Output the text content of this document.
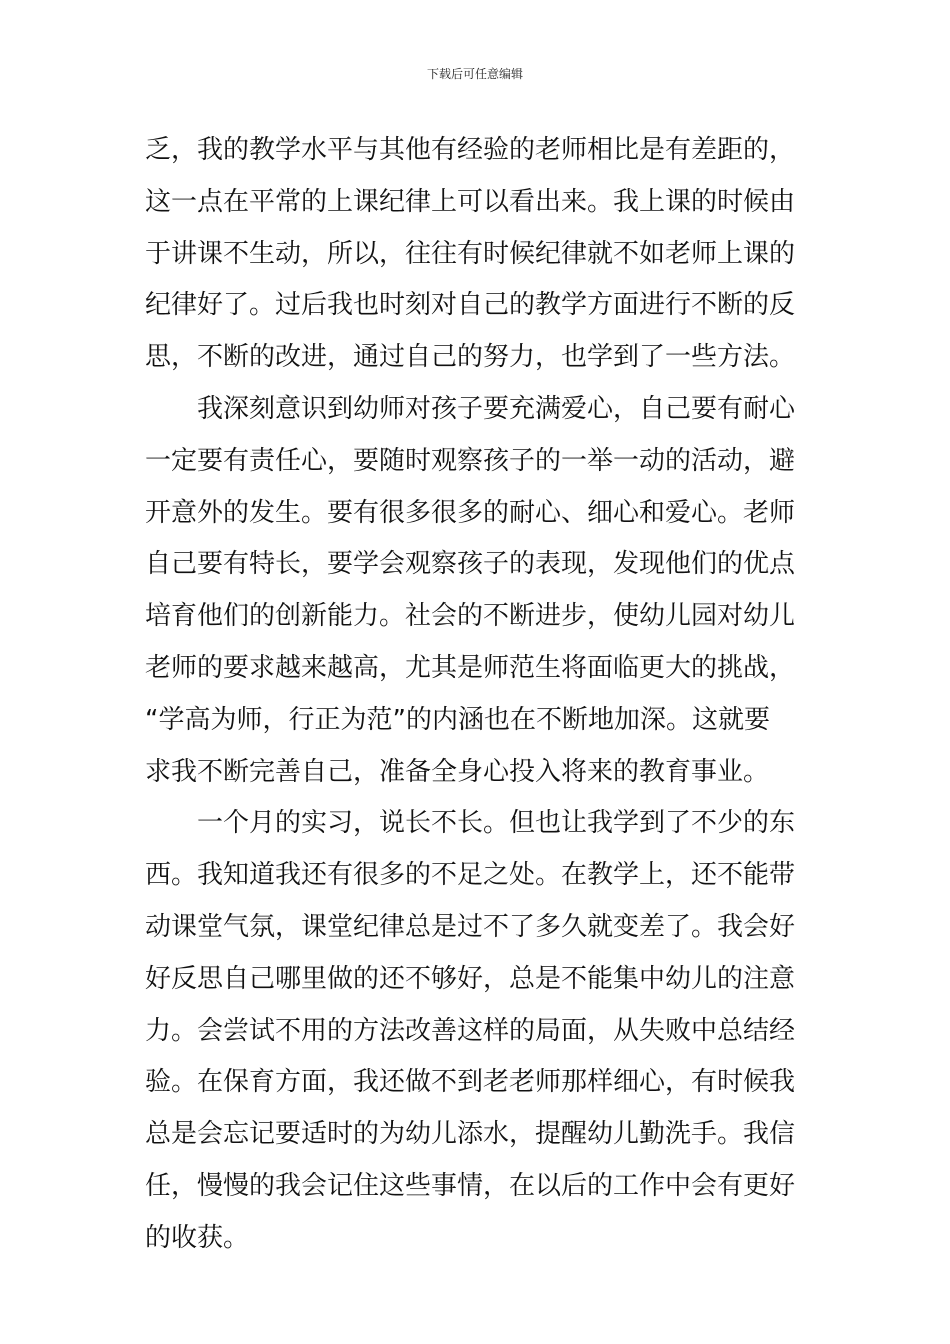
下载后可任意编辑
乏，我的教学水平与其他有经验的老师相比是有差距的，
这一点在平常的上课纪律上可以看出来。我上课的时候由
于讲课不生动，所以，往往有时候纪律就不如老师上课的
纪律好了。过后我也时刻对自己的教学方面进行不断的反
思，不断的改进，通过自己的努力，也学到了一些方法。
我深刻意识到幼师对孩子要充满爱心，自己要有耐心
一定要有责任心，要随时观察孩子的一举一动的活动，避
开意外的发生。要有很多很多的耐心、细心和爱心。老师
自己要有特长，要学会观察孩子的表现，发现他们的优点
培育他们的创新能力。社会的不断进步，使幼儿园对幼儿
老师的要求越来越高，尤其是师范生将面临更大的挑战，
“学高为师，行正为范”的内涵也在不断地加深。这就要
求我不断完善自己，准备全身心投入将来的教育事业。
一个月的实习，说长不长。但也让我学到了不少的东
西。我知道我还有很多的不足之处。在教学上，还不能带
动课堂气氛，课堂纪律总是过不了多久就变差了。我会好
好反思自己哪里做的还不够好，总是不能集中幼儿的注意
力。会尝试不用的方法改善这样的局面，从失败中总结经
验。在保育方面，我还做不到老老师那样细心，有时候我
总是会忘记要适时的为幼儿添水，提醒幼儿勤洗手。我信
任，慢慢的我会记住这些事情，在以后的工作中会有更好
的收获。
